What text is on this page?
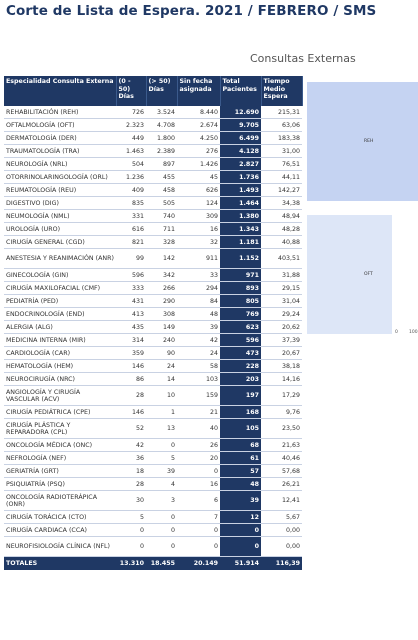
Corte de Lista de Espera. 2021 / FEBRERO / SMS
Consultas Externas
Especialidad Consulta Externa	(0 - 50) Días	(> 50) Días	Sin fecha asignada	Total Pacientes	Tiempo Medio Espera
REHABILITACIÓN (REH)	726	3.524	8.440	12.690	215,31
OFTALMOLOGÍA (OFT)	2.323	4.708	2.674	9.705	63,06
DERMATOLOGÍA (DER)	449	1.800	4.250	6.499	183,38
TRAUMATOLOGÍA (TRA)	1.463	2.389	276	4.128	31,00
NEUROLOGÍA (NRL)	504	897	1.426	2.827	76,51
OTORRINOLARINGOLOGÍA (ORL)	1.236	455	45	1.736	44,11
REUMATOLOGÍA (REU)	409	458	626	1.493	142,27
DIGESTIVO (DIG)	835	505	124	1.464	34,38
NEUMOLOGÍA (NML)	331	740	309	1.380	48,94
UROLOGÍA (URO)	616	711	16	1.343	48,28
CIRUGÍA GENERAL (CGD)	821	328	32	1.181	40,88
ANESTESIA Y REANIMACIÓN (ANR)	99	142	911	1.152	403,51
GINECOLOGÍA (GIN)	596	342	33	971	31,88
CIRUGÍA MAXILOFACIAL (CMF)	333	266	294	893	29,15
PEDIATRÍA (PED)	431	290	84	805	31,04
ENDOCRINOLOGÍA (END)	413	308	48	769	29,24
ALERGIA (ALG)	435	149	39	623	20,62
MEDICINA INTERNA (MIR)	314	240	42	596	37,39
CARDIOLOGÍA (CAR)	359	90	24	473	20,67
HEMATOLOGÍA (HEM)	146	24	58	228	38,18
NEUROCIRUGÍA (NRC)	86	14	103	203	14,16
ANGIOLOGÍA Y CIRUGÍA VASCULAR (ACV)	28	10	159	197	17,29
CIRUGÍA PEDIÁTRICA (CPE)	146	1	21	168	9,76
CIRUGÍA PLÁSTICA Y REPARADORA (CPL)	52	13	40	105	23,50
ONCOLOGÍA MÉDICA (ONC)	42	0	26	68	21,63
NEFROLOGÍA (NEF)	36	5	20	61	40,46
GERIATRÍA (GRT)	18	39	0	57	57,68
PSIQUIATRÍA (PSQ)	28	4	16	48	26,21
ONCOLOGÍA RADIOTERÁPICA (ONR)	30	3	6	39	12,41
CIRUGÍA TORÁCICA (CTO)	5	0	7	12	5,67
CIRUGÍA CARDIACA (CCA)	0	0	0	0	0,00
NEUROFISIOLOGÍA CLÍNICA (NFL)	0	0	0	0	0,00
TOTALES	13.310	18.455	20.149	51.914	116,39
REH
OFT
0 100
